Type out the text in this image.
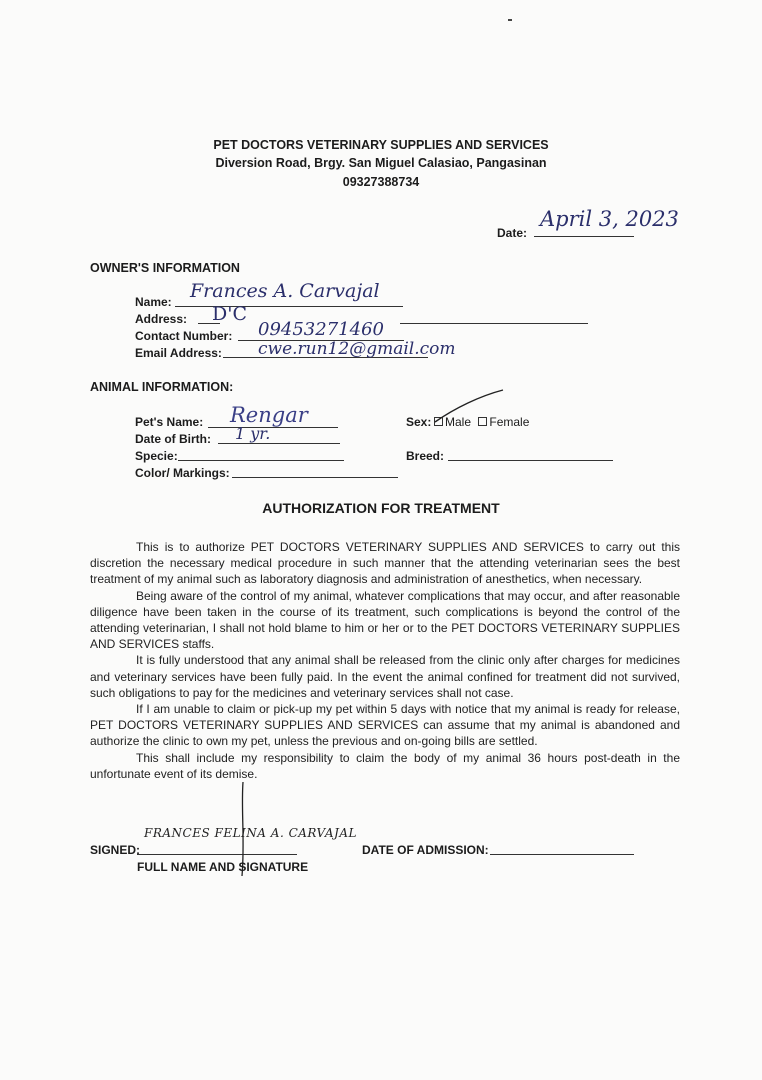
PET DOCTORS VETERINARY SUPPLIES AND SERVICES
Diversion Road, Brgy. San Miguel Calasiao, Pangasinan
09327388734
Date:
April 3, 2023
OWNER'S INFORMATION
Name: Frances A. Carvajal
Address: D'C
Contact Number: 09453271460
Email Address: cwe.run12@gmail.com
ANIMAL INFORMATION:
Pet's Name: Rengar
Date of Birth: 1 yr.
Specie:
Color/ Markings:
Sex:	Male Female
Breed:
AUTHORIZATION FOR TREATMENT

This is to authorize PET DOCTORS VETERINARY SUPPLIES AND SERVICES to carry out this discretion the necessary medical procedure in such manner that the attending veterinarian sees the best treatment of my animal such as laboratory diagnosis and administration of anesthetics, when necessary.

Being aware of the control of my animal, whatever complications that may occur, and after reasonable diligence have been taken in the course of its treatment, such complications is beyond the control of the attending veterinarian, I shall not hold blame to him or her or to the PET DOCTORS VETERINARY SUPPLIES AND SERVICES staffs.

It is fully understood that any animal shall be released from the clinic only after charges for medicines and veterinary services have been fully paid. In the event the animal confined for treatment did not survived, such obligations to pay for the medicines and veterinary services shall not case.

If I am unable to claim or pick-up my pet within 5 days with notice that my animal is ready for release, PET DOCTORS VETERINARY SUPPLIES AND SERVICES can assume that my animal is abandoned and authorize the clinic to own my pet, unless the previous and on-going bills are settled.

This shall include my responsibility to claim the body of my animal 36 hours post-death in the unfortunate event of its demise.

SIGNED:
FRANCES FELINA A. CARVAJAL
FULL NAME AND SIGNATURE
DATE OF ADMISSION:
